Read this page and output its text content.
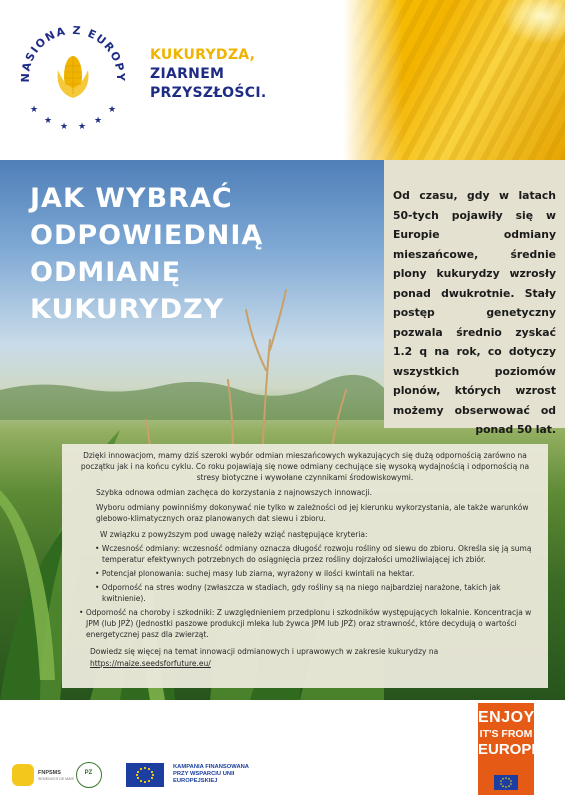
NASIONA Z EUROPY
★
★
★ ★
★
★
KUKURYDZA,
ZIARNEM
PRZYSZŁOŚCI.
JAK WYBRAĆ
ODPOWIEDNIĄ
ODMIANĘ
KUKURYDZY
Od czasu, gdy w latach 50-tych pojawiły się w Europie odmiany mieszańcowe, średnie plony kukurydzy wzrosły ponad dwukrotnie. Stały postęp genetyczny pozwala średnio zyskać 1.2 q na rok, co dotyczy wszystkich poziomów plonów, których wzrost możemy obserwować od ponad 50 lat.

Dzięki innowacjom, mamy dziś szeroki wybór odmian mieszańcowych wykazujących się dużą odpornością zarówno na początku jak i na końcu cyklu. Co roku pojawiają się nowe odmiany cechujące się wysoką wydajnością i odpornością na stresy biotyczne i wywołane czynnikami środowiskowymi.

Szybka odnowa odmian zachęca do korzystania z najnowszych innowacji.

Wyboru odmiany powinniśmy dokonywać nie tylko w zależności od jej kierunku wykorzystania, ale także warunków glebowo-klimatycznych oraz planowanych dat siewu i zbioru.

W związku z powyższym pod uwagę należy wziąć następujące kryteria:

• Wczesność odmiany: wczesność odmiany oznacza długość rozwoju rośliny od siewu do zbioru. Określa się ją sumą temperatur efektywnych potrzebnych do osiągnięcia przez rośliny dojrzałości umożliwiającej ich zbiór.

• Potencjał plonowania: suchej masy lub ziarna, wyrażony w ilości kwintali na hektar.

• Odporność na stres wodny (zwłaszcza w stadiach, gdy rośliny są na niego najbardziej narażone, takich jak kwitnienie).

• Odporność na choroby i szkodniki: Z uwzględnieniem przedplonu i szkodników występujących lokalnie. Koncentracja w JPM (lub JPŻ) (Jednostki paszowe produkcji mleka lub żywca JPM lub JPŻ) oraz strawność, które decydują o wartości energetycznej pasz dla zwierząt.

Dowiedz się więcej na temat innowacji odmianowych i uprawowych w zakresie kukurydzy na https://maize.seedsforfuture.eu/

ENJOY
IT'S FROM
EUROPE
FNPSMS
SEMENCES DE MAÏS
PZ
KAMPANIA FINANSOWANA
PRZY WSPARCIU UNII
EUROPEJSKIEJ
